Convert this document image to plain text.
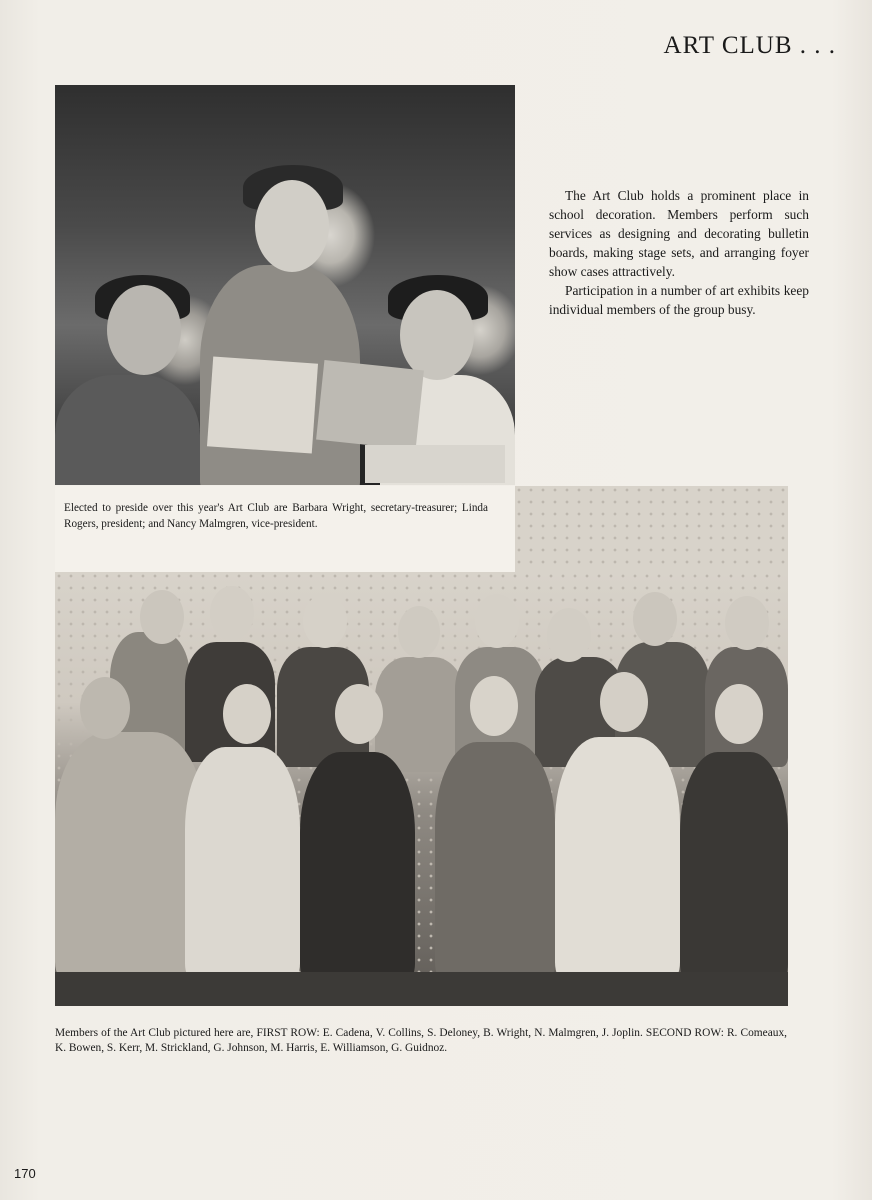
ART CLUB . . .
Elected to preside over this year's Art Club are Barbara Wright, secretary-treasurer; Linda Rogers, president; and Nancy Malmgren, vice-president.

The Art Club holds a prominent place in school decoration. Members perform such services as designing and decorating bulletin boards, making stage sets, and arranging foyer show cases attractively.

Participation in a number of art exhibits keep individual members of the group busy.

Members of the Art Club pictured here are, FIRST ROW: E. Cadena, V. Collins, S. Deloney, B. Wright, N. Malmgren, J. Joplin. SECOND ROW: R. Comeaux, K. Bowen, S. Kerr, M. Strickland, G. Johnson, M. Harris, E. Williamson, G. Guidnoz.
170
